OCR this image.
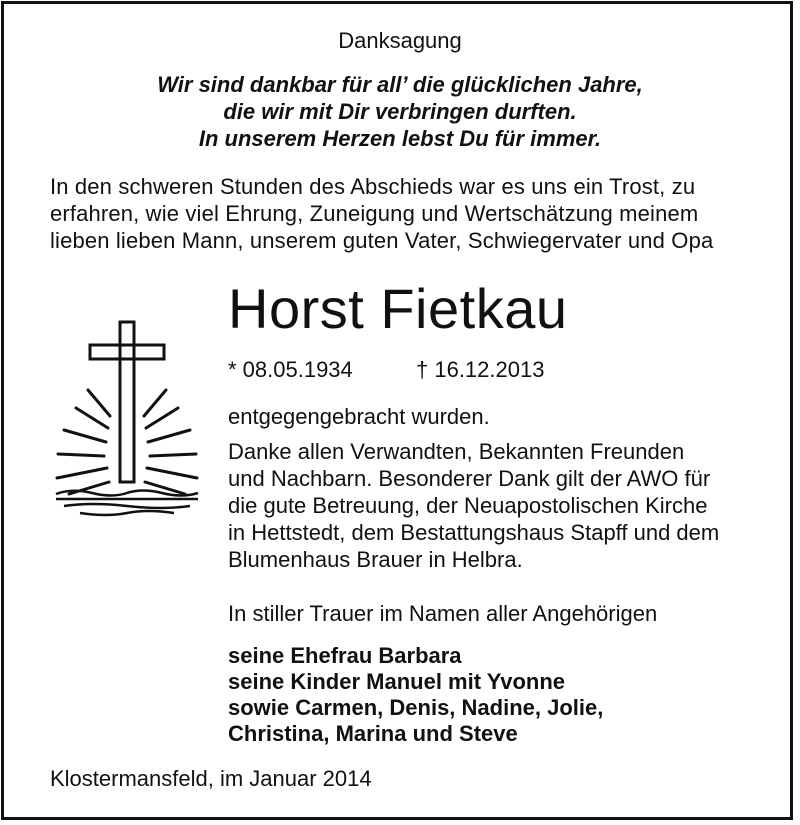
Danksagung
Wir sind dankbar für all’ die glücklichen Jahre,
die wir mit Dir verbringen durften.
In unserem Herzen lebst Du für immer.
In den schweren Stunden des Abschieds war es uns ein Trost, zu
erfahren, wie viel Ehrung, Zuneigung und Wertschätzung meinem
lieben lieben Mann, unserem guten Vater, Schwiegervater und Opa
Horst Fietkau
* 08.05.1934	† 16.12.2013
entgegengebracht wurden.
Danke allen Verwandten, Bekannten Freunden
und Nachbarn. Besonderer Dank gilt der AWO für
die gute Betreuung, der Neuapostolischen Kirche
in Hettstedt, dem Bestattungshaus Stapff und dem
Blumenhaus Brauer in Helbra.
In stiller Trauer im Namen aller Angehörigen
seine Ehefrau Barbara
seine Kinder Manuel mit Yvonne
sowie Carmen, Denis, Nadine, Jolie,
Christina, Marina und Steve
Klostermansfeld, im Januar 2014
